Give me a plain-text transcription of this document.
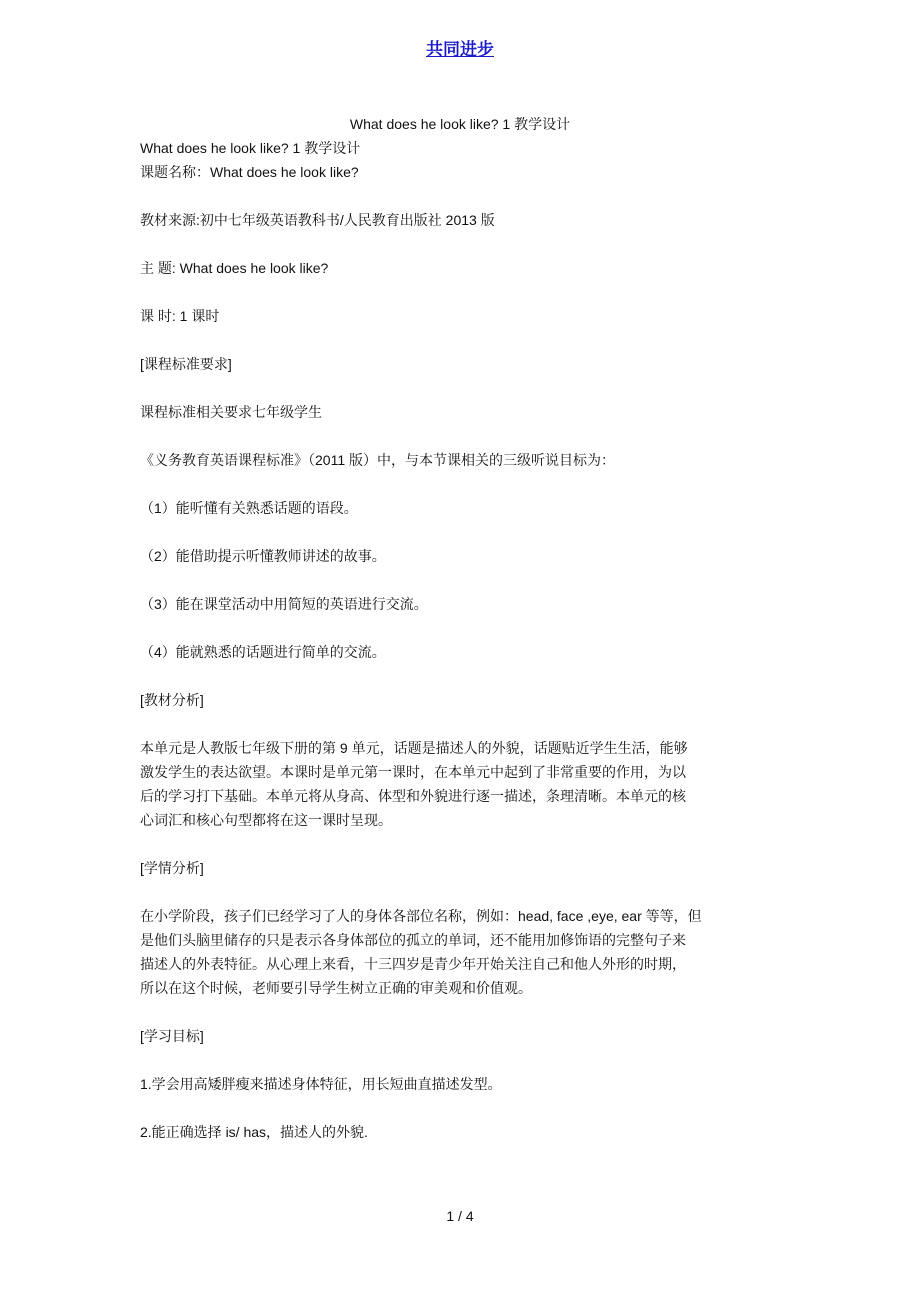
共同进步
What does he look like? 1 教学设计
What does he look like? 1 教学设计
课题名称：What does he look like?
教材来源:初中七年级英语教科书/人民教育出版社 2013 版
主 题: What does he look like?
课 时: 1 课时
[课程标准要求]
课程标准相关要求七年级学生
《义务教育英语课程标准》（2011 版）中，与本节课相关的三级听说目标为：
（1）能听懂有关熟悉话题的语段。
（2）能借助提示听懂教师讲述的故事。
（3）能在课堂活动中用简短的英语进行交流。
（4）能就熟悉的话题进行简单的交流。
[教材分析]
本单元是人教版七年级下册的第 9 单元，话题是描述人的外貌，话题贴近学生生活，能够
激发学生的表达欲望。本课时是单元第一课时，在本单元中起到了非常重要的作用，为以
后的学习打下基础。本单元将从身高、体型和外貌进行逐一描述，条理清晰。本单元的核
心词汇和核心句型都将在这一课时呈现。
[学情分析]
在小学阶段，孩子们已经学习了人的身体各部位名称，例如：head, face ,eye, ear 等等，但
是他们头脑里储存的只是表示各身体部位的孤立的单词，还不能用加修饰语的完整句子来
描述人的外表特征。从心理上来看，十三四岁是青少年开始关注自己和他人外形的时期，
所以在这个时候，老师要引导学生树立正确的审美观和价值观。
[学习目标]
1.学会用高矮胖瘦来描述身体特征，用长短曲直描述发型。
2.能正确选择 is/ has，描述人的外貌.
1 / 4
